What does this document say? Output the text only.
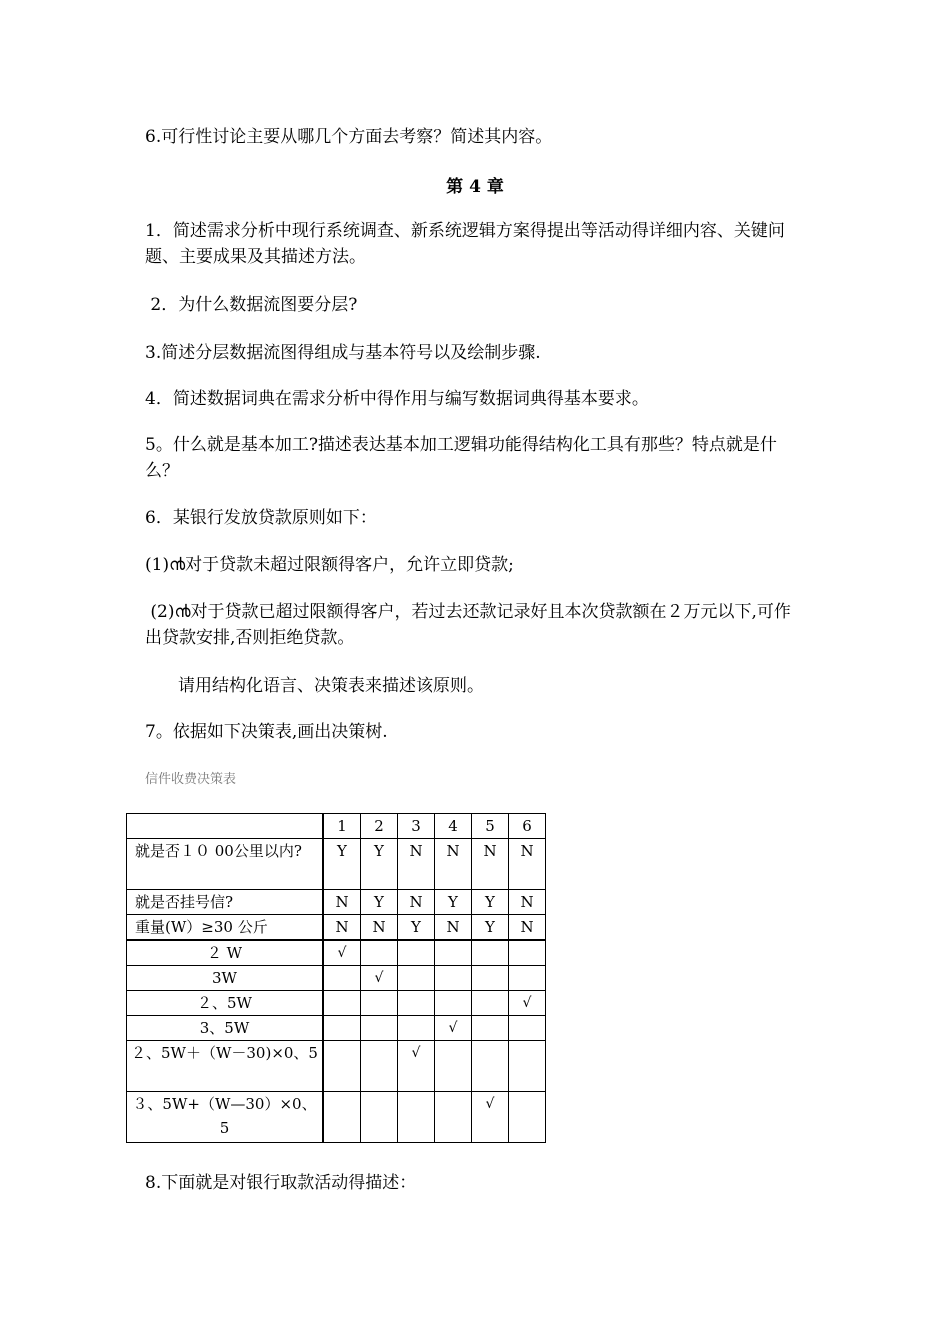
6.可行性讨论主要从哪几个方面去考察？简述其内容。

第 4 章

1．简述需求分析中现行系统调查、新系统逻辑方案得提出等活动得详细内容、关键问题、主要成果及其描述方法。

2．为什么数据流图要分层?

3.简述分层数据流图得组成与基本符号以及绘制步骤.

4．简述数据词典在需求分析中得作用与编写数据词典得基本要求。

5。什么就是基本加工?描述表达基本加工逻辑功能得结构化工具有那些？特点就是什么？

6．某银行发放贷款原则如下：

(1)൯对于贷款未超过限额得客户，允许立即贷款;

(2)൯对于贷款已超过限额得客户，若过去还款记录好且本次贷款额在２万元以下,可作出贷款安排,否则拒绝贷款。

请用结构化语言、决策表来描述该原则。

7。依据如下决策表,画出决策树.

信件收费决策表

	1	2	3	4	5	6
就是否１０ 00公里以内?	Y	Y	N	N	N	N
就是否挂号信?	N	Y	N	Y	Y	N
重量(W）≥30 公斤	N	N	Y	N	Y	N
２ W	√					
3W		√				
２、5W						√
3、5W				√		
２、5W＋（W－30)×0、5			√			
３、5W+（W—30）×0、5					√	

8.下面就是对银行取款活动得描述：
